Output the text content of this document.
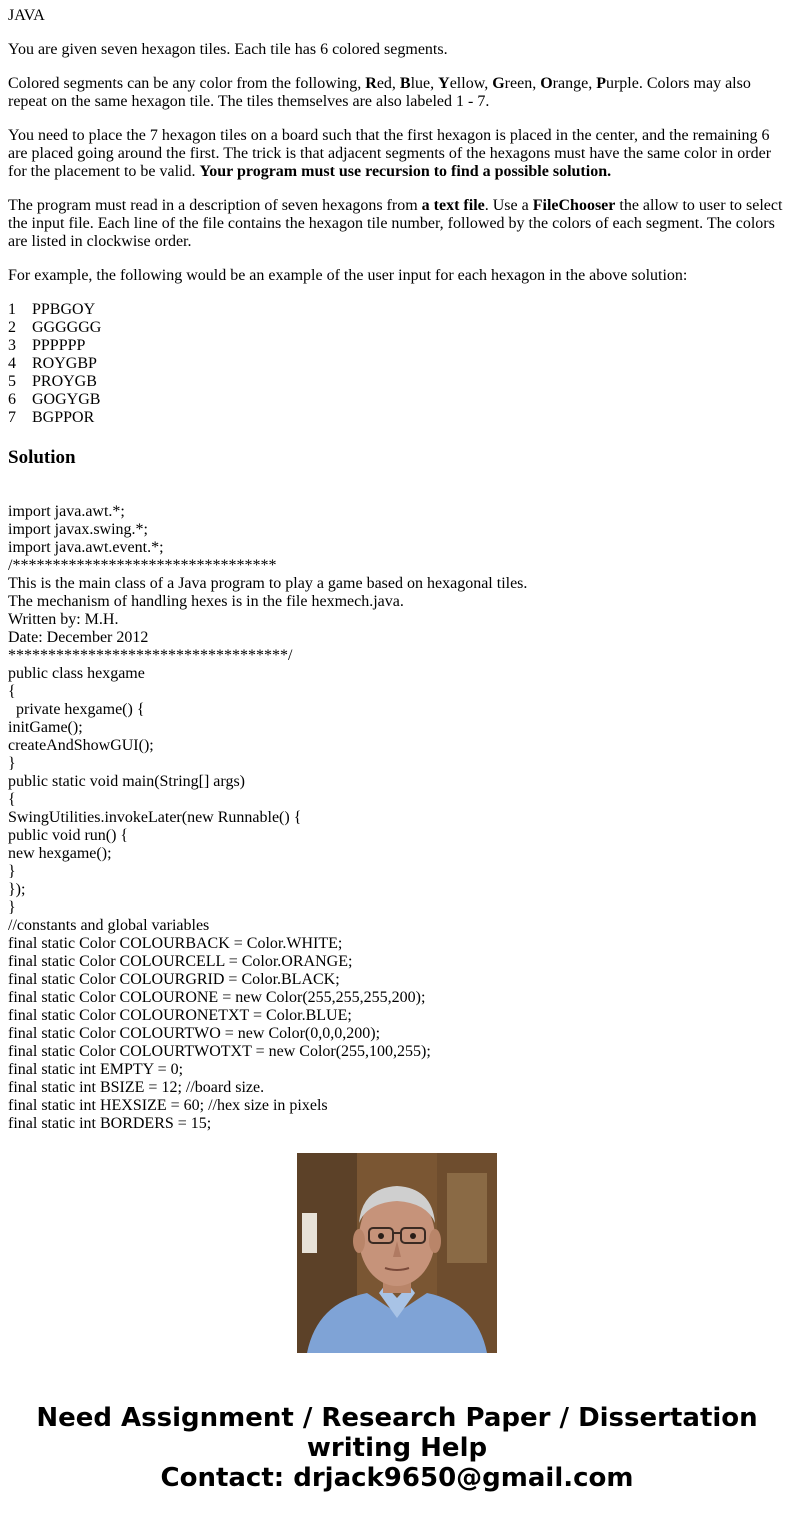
JAVA

You are given seven hexagon tiles. Each tile has 6 colored segments.

Colored segments can be any color from the following, Red, Blue, Yellow, Green, Orange, Purple. Colors may also repeat on the same hexagon tile. The tiles themselves are also labeled 1 - 7.

You need to place the 7 hexagon tiles on a board such that the first hexagon is placed in the center, and the remaining 6 are placed going around the first. The trick is that adjacent segments of the hexagons must have the same color in order for the placement to be valid. Your program must use recursion to find a possible solution.

The program must read in a description of seven hexagons from a text file. Use a FileChooser the allow to user to select the input file. Each line of the file contains the hexagon tile number, followed by the colors of each segment. The colors are listed in clockwise order.

For example, the following would be an example of the user input for each hexagon in the above solution:

1 PPBGOY
2 GGGGGG
3 PPPPPP
4 ROYGBP
5 PROYGB
6 GOGYGB
7 BGPPOR
Solution
import java.awt.*;
import javax.swing.*;
import java.awt.event.*;
/*********************************
This is the main class of a Java program to play a game based on hexagonal tiles.
The mechanism of handling hexes is in the file hexmech.java.
Written by: M.H.
Date: December 2012
***********************************/
public class hexgame
{
private hexgame() {
initGame();
createAndShowGUI();
}
public static void main(String[] args)
{
SwingUtilities.invokeLater(new Runnable() {
public void run() {
new hexgame();
}
});
}
//constants and global variables
final static Color COLOURBACK = Color.WHITE;
final static Color COLOURCELL = Color.ORANGE;
final static Color COLOURGRID = Color.BLACK;
final static Color COLOURONE = new Color(255,255,255,200);
final static Color COLOURONETXT = Color.BLUE;
final static Color COLOURTWO = new Color(0,0,0,200);
final static Color COLOURTWOTXT = new Color(255,100,255);
final static int EMPTY = 0;
final static int BSIZE = 12; //board size.
final static int HEXSIZE = 60; //hex size in pixels
final static int BORDERS = 15;
Need Assignment / Research Paper / Dissertation
writing Help
Contact: drjack9650@gmail.com
